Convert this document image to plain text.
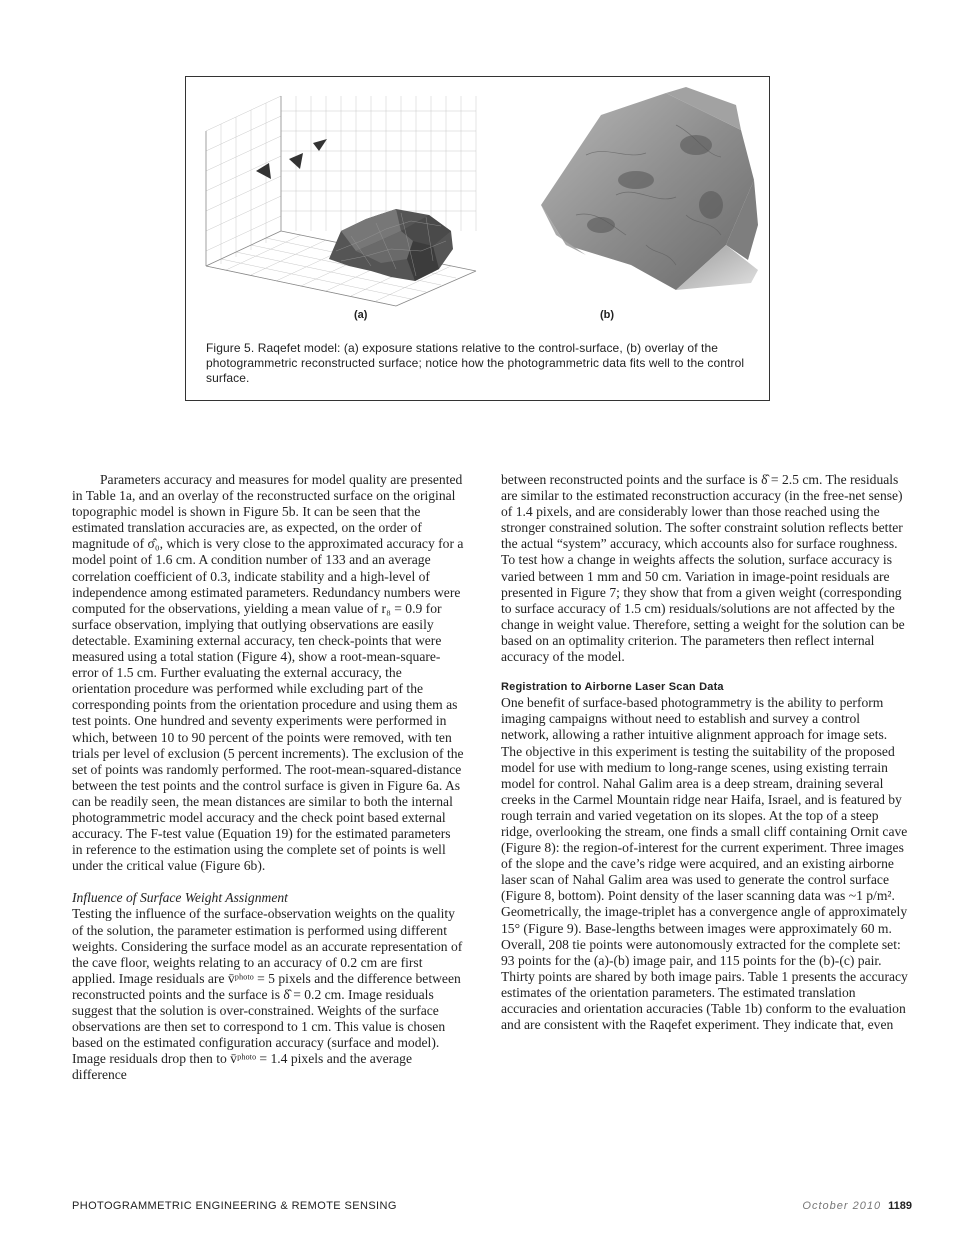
(a)	(b)
Figure 5. Raqefet model: (a) exposure stations relative to the control-surface, (b) overlay of the photogrammetric reconstructed surface; notice how the photogrammetric data fits well to the control surface.

Parameters accuracy and measures for model quality are presented in Table 1a, and an overlay of the reconstructed surface on the original topographic model is shown in Figure 5b. It can be seen that the estimated translation accuracies are, as expected, on the order of magnitude of σ̂₀, which is very close to the approximated accuracy for a model point of 1.6 cm. A condition number of 133 and an average correlation coefficient of 0.3, indicate stability and a high-level of independence among estimated parameters. Redundancy numbers were computed for the observations, yielding a mean value of r₈ = 0.9 for surface observation, implying that outlying observations are easily detectable. Examining external accuracy, ten check-points that were measured using a total station (Figure 4), show a root-mean-square-error of 1.5 cm. Further evaluating the external accuracy, the orientation procedure was performed while excluding part of the corresponding points from the orientation procedure and using them as test points. One hundred and seventy experiments were performed in which, between 10 to 90 percent of the points were removed, with ten trials per level of exclusion (5 percent increments). The exclusion of the set of points was randomly performed. The root-mean-squared-distance between the test points and the control surface is given in Figure 6a. As can be readily seen, the mean distances are similar to both the internal photogrammetric model accuracy and the check point based external accuracy. The F-test value (Equation 19) for the estimated parameters in reference to the estimation using the complete set of points is well under the critical value (Figure 6b).

Influence of Surface Weight Assignment

Testing the influence of the surface-observation weights on the quality of the solution, the parameter estimation is performed using different weights. Considering the surface model as an accurate representation of the cave floor, weights relating to an accuracy of 0.2 cm are first applied. Image residuals are v̄ᵖʰᵒᵗᵒ = 5 pixels and the difference between reconstructed points and the surface is δ̂ = 0.2 cm. Image residuals suggest that the solution is over-constrained. Weights of the surface observations are then set to correspond to 1 cm. This value is chosen based on the estimated configuration accuracy (surface and model). Image residuals drop then to v̄ᵖʰᵒᵗᵒ = 1.4 pixels and the average difference

between reconstructed points and the surface is δ̂ = 2.5 cm. The residuals are similar to the estimated reconstruction accuracy (in the free-net sense) of 1.4 pixels, and are considerably lower than those reached using the stronger constrained solution. The softer constraint solution reflects better the actual “system” accuracy, which accounts also for surface roughness. To test how a change in weights affects the solution, surface accuracy is varied between 1 mm and 50 cm. Variation in image-point residuals are presented in Figure 7; they show that from a given weight (corresponding to surface accuracy of 1.5 cm) residuals/solutions are not affected by the change in weight value. Therefore, setting a weight for the solution can be based on an optimality criterion. The parameters then reflect internal accuracy of the model.

Registration to Airborne Laser Scan Data

One benefit of surface-based photogrammetry is the ability to perform imaging campaigns without need to establish and survey a control network, allowing a rather intuitive alignment approach for image sets. The objective in this experiment is testing the suitability of the proposed model for use with medium to long-range scenes, using existing terrain model for control. Nahal Galim area is a deep stream, draining several creeks in the Carmel Mountain ridge near Haifa, Israel, and is featured by rough terrain and varied vegetation on its slopes. At the top of a steep ridge, overlooking the stream, one finds a small cliff containing Ornit cave (Figure 8): the region-of-interest for the current experiment. Three images of the slope and the cave’s ridge were acquired, and an existing airborne laser scan of Nahal Galim area was used to generate the control surface (Figure 8, bottom). Point density of the laser scanning data was ~1 p/m². Geometrically, the image-triplet has a convergence angle of approximately 15° (Figure 9). Base-lengths between images were approximately 60 m. Overall, 208 tie points were autonomously extracted for the complete set: 93 points for the (a)-(b) image pair, and 115 points for the (b)-(c) pair. Thirty points are shared by both image pairs. Table 1 presents the accuracy estimates of the orientation parameters. The estimated translation accuracies and orientation accuracies (Table 1b) conform to the evaluation and are consistent with the Raqefet experiment. They indicate that, even

PHOTOGRAMMETRIC ENGINEERING & REMOTE SENSING	October 2010 1189
